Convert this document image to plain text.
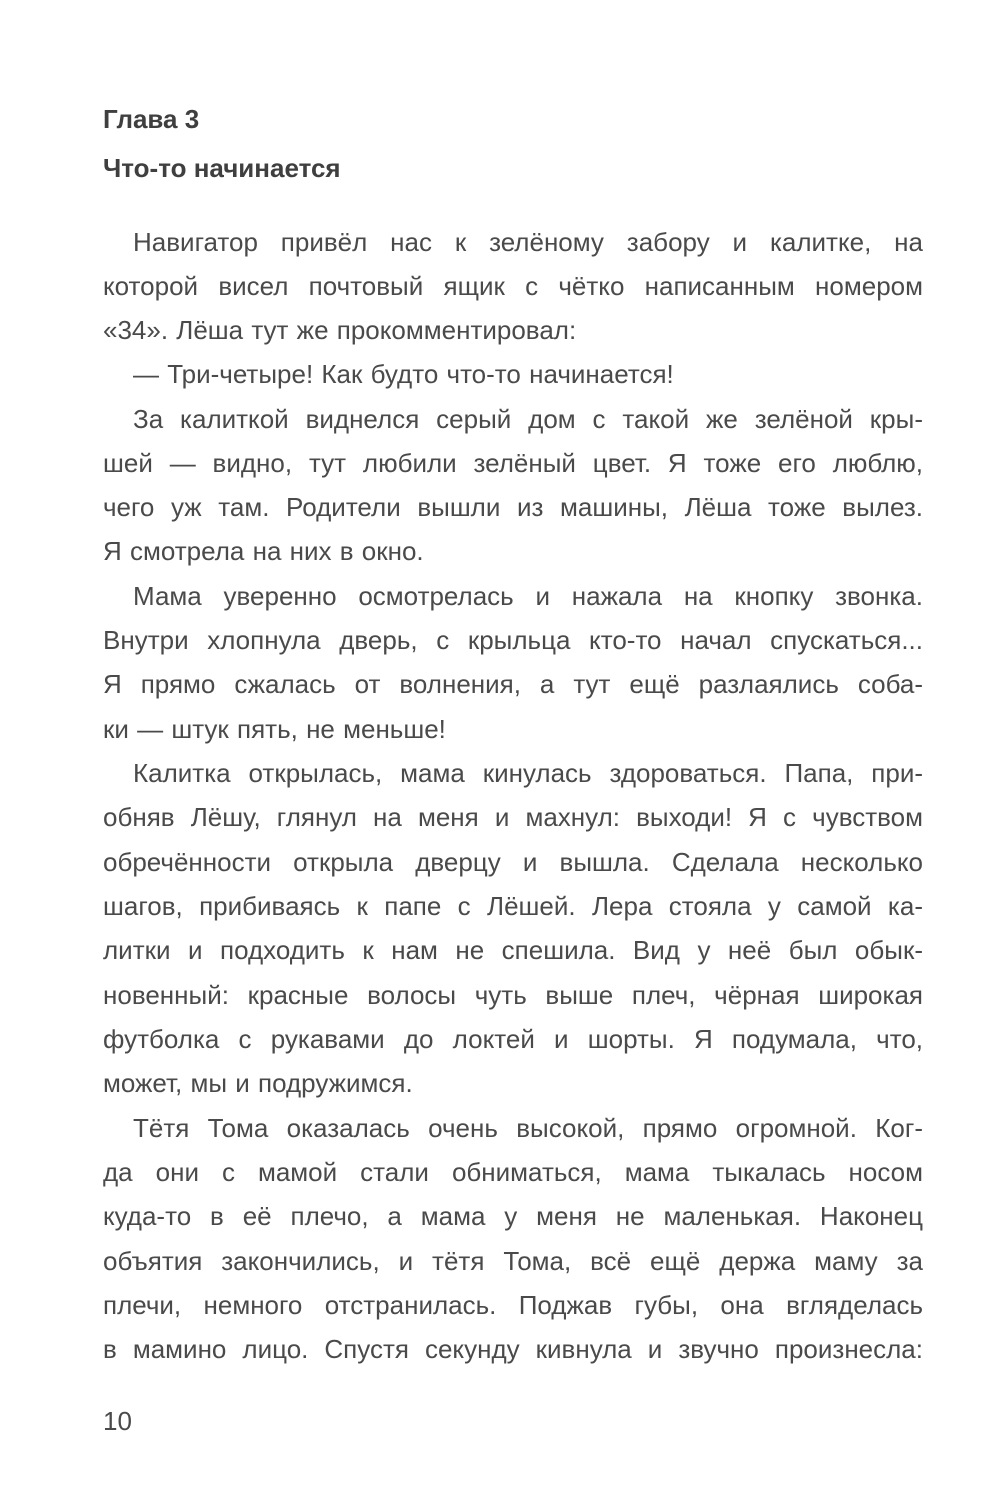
Глава 3
Что-то начинается
Навигатор привёл нас к зелёному забору и калитке, на
которой висел почтовый ящик с чётко написанным номером
«34». Лёша тут же прокомментировал:
— Три-четыре! Как будто что-то начинается!
За калиткой виднелся серый дом с такой же зелёной кры-
шей — видно, тут любили зелёный цвет. Я тоже его люблю,
чего уж там. Родители вышли из машины, Лёша тоже вылез.
Я смотрела на них в окно.
Мама уверенно осмотрелась и нажала на кнопку звонка.
Внутри хлопнула дверь, с крыльца кто-то начал спускаться...
Я прямо сжалась от волнения, а тут ещё разлаялись соба-
ки — штук пять, не меньше!
Калитка открылась, мама кинулась здороваться. Папа, при-
обняв Лёшу, глянул на меня и махнул: выходи! Я с чувством
обречённости открыла дверцу и вышла. Сделала несколько
шагов, прибиваясь к папе с Лёшей. Лера стояла у самой ка-
литки и подходить к нам не спешила. Вид у неё был обык-
новенный: красные волосы чуть выше плеч, чёрная широкая
футболка с рукавами до локтей и шорты. Я подумала, что,
может, мы и подружимся.
Тётя Тома оказалась очень высокой, прямо огромной. Ког-
да они с мамой стали обниматься, мама тыкалась носом
куда-то в её плечо, а мама у меня не маленькая. Наконец
объятия закончились, и тётя Тома, всё ещё держа маму за
плечи, немного отстранилась. Поджав губы, она вгляделась
в мамино лицо. Спустя секунду кивнула и звучно произнесла:
10
